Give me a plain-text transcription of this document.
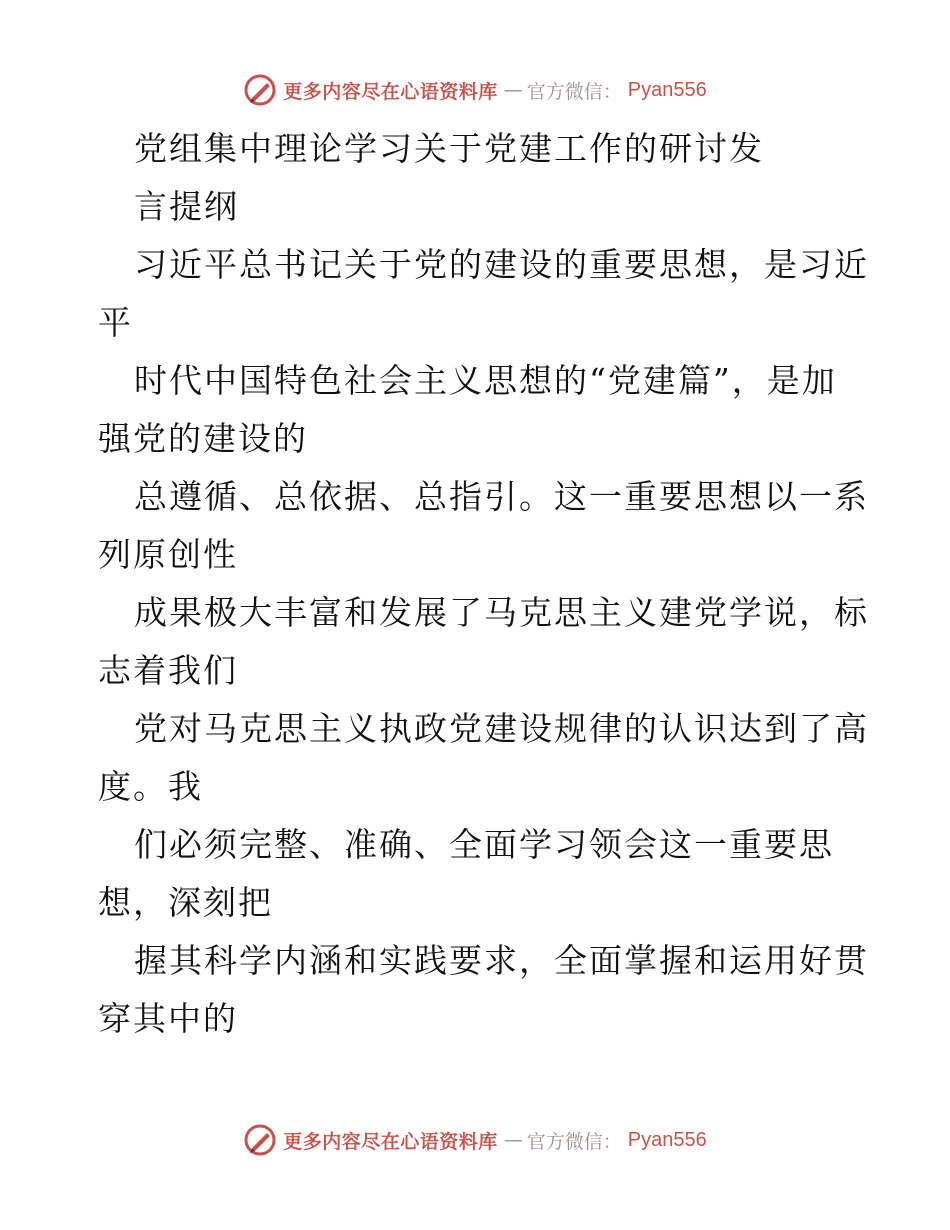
更多内容尽在心语资料库 — 官方微信： Pyan556
党组集中理论学习关于党建工作的研讨发
言提纲
习近平总书记关于党的建设的重要思想，是习近
平
时代中国特色社会主义思想的“党建篇”，是加
强党的建设的
总遵循、总依据、总指引。这一重要思想以一系
列原创性
成果极大丰富和发展了马克思主义建党学说，标
志着我们
党对马克思主义执政党建设规律的认识达到了高
度。我
们必须完整、准确、全面学习领会这一重要思
想，深刻把
握其科学内涵和实践要求，全面掌握和运用好贯
穿其中的
更多内容尽在心语资料库 — 官方微信： Pyan556
